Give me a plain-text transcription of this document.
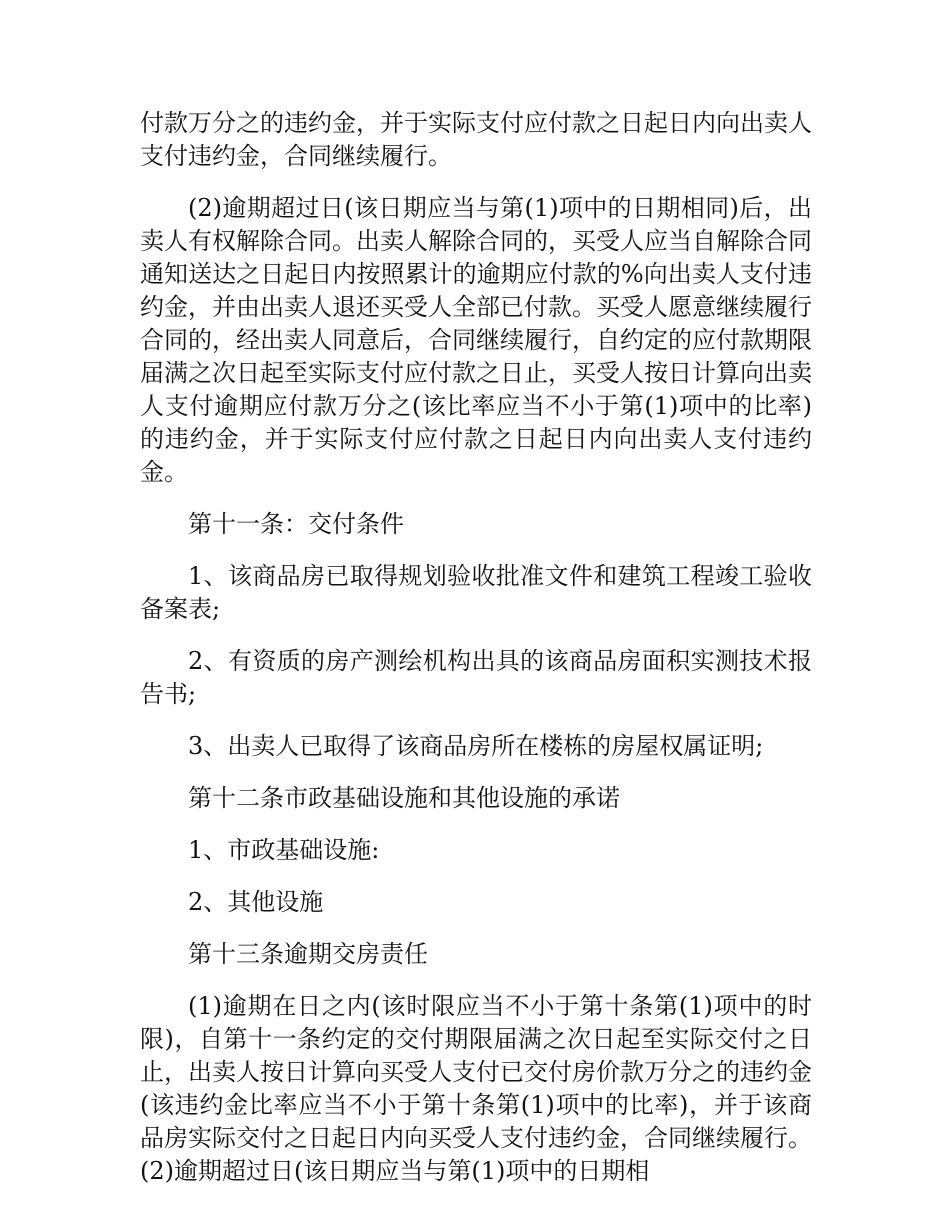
付款万分之的违约金，并于实际支付应付款之日起日内向出卖人支付违约金，合同继续履行。

(2)逾期超过日(该日期应当与第(1)项中的日期相同)后，出卖人有权解除合同。出卖人解除合同的，买受人应当自解除合同通知送达之日起日内按照累计的逾期应付款的%向出卖人支付违约金，并由出卖人退还买受人全部已付款。买受人愿意继续履行合同的，经出卖人同意后，合同继续履行，自约定的应付款期限届满之次日起至实际支付应付款之日止，买受人按日计算向出卖人支付逾期应付款万分之(该比率应当不小于第(1)项中的比率)的违约金，并于实际支付应付款之日起日内向出卖人支付违约金。

第十一条：交付条件

1、该商品房已取得规划验收批准文件和建筑工程竣工验收备案表;

2、有资质的房产测绘机构出具的该商品房面积实测技术报告书;

3、出卖人已取得了该商品房所在楼栋的房屋权属证明;

第十二条市政基础设施和其他设施的承诺

1、市政基础设施:

2、其他设施

第十三条逾期交房责任

(1)逾期在日之内(该时限应当不小于第十条第(1)项中的时限)，自第十一条约定的交付期限届满之次日起至实际交付之日止，出卖人按日计算向买受人支付已交付房价款万分之的违约金(该违约金比率应当不小于第十条第(1)项中的比率)，并于该商品房实际交付之日起日内向买受人支付违约金，合同继续履行。(2)逾期超过日(该日期应当与第(1)项中的日期相
